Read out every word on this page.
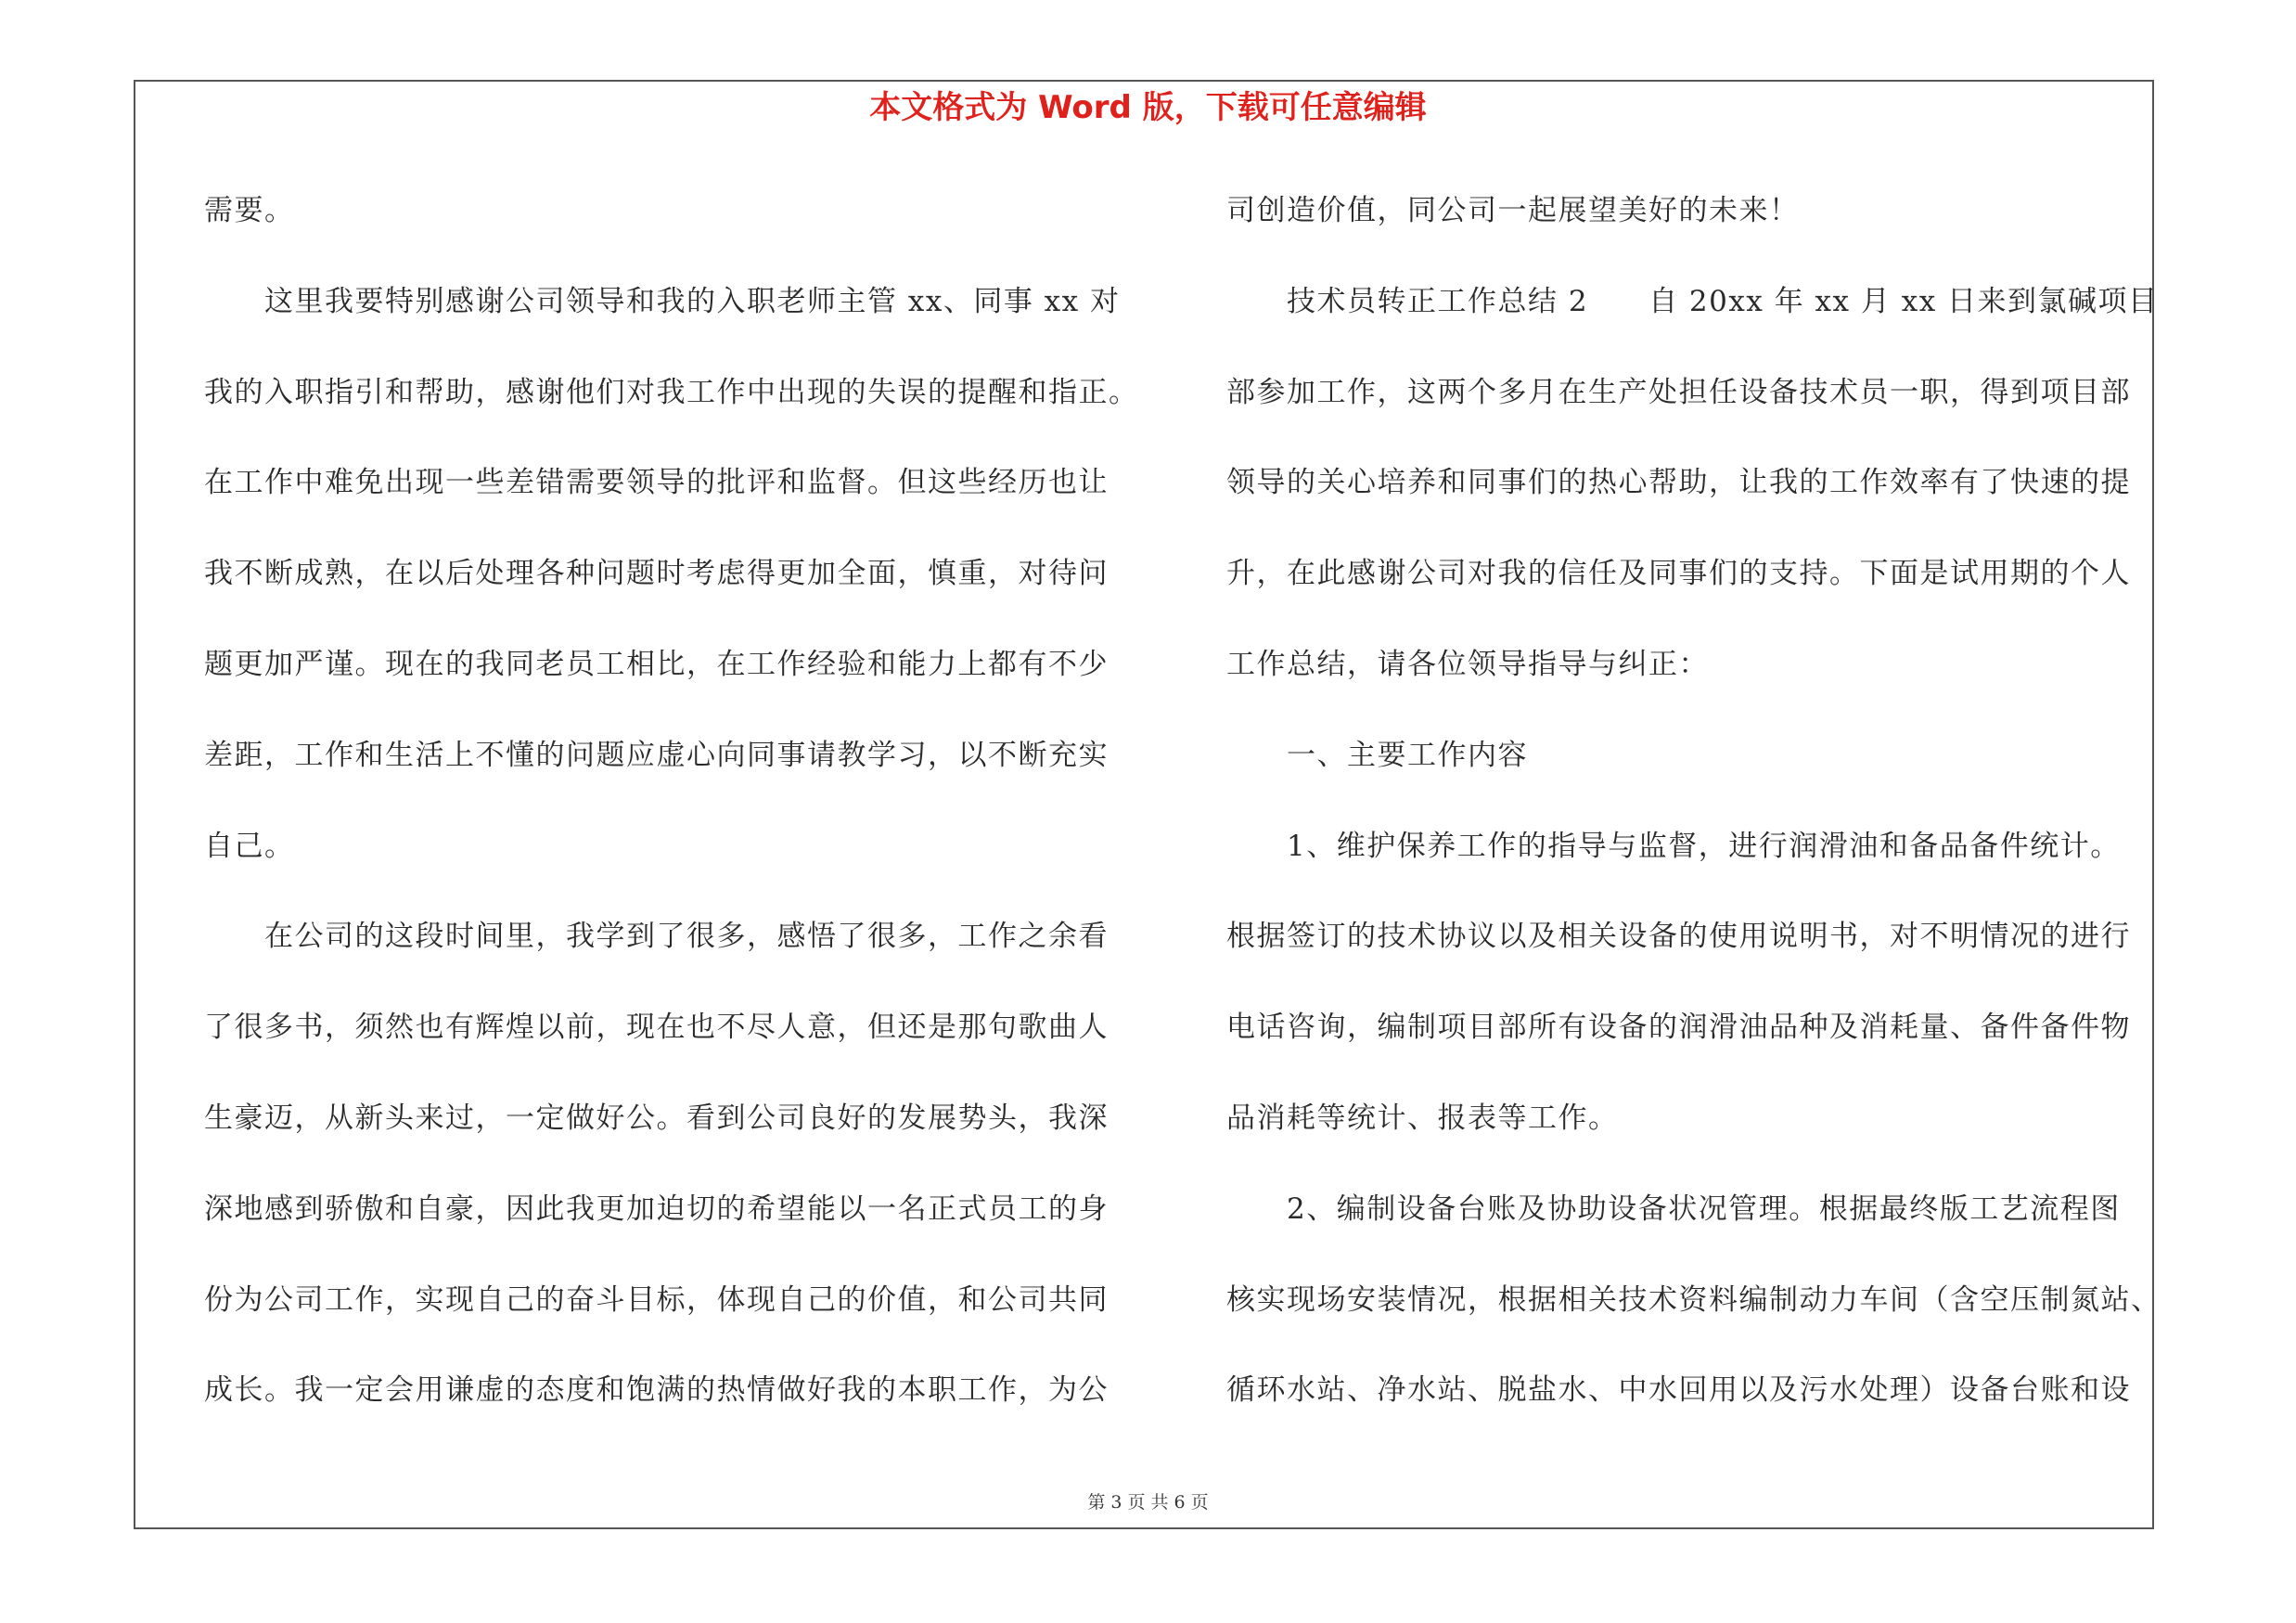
本文格式为 Word 版，下载可任意编辑
需要。
　　这里我要特别感谢公司领导和我的入职老师主管 xx、同事 xx 对
我的入职指引和帮助，感谢他们对我工作中出现的失误的提醒和指正。
在工作中难免出现一些差错需要领导的批评和监督。但这些经历也让
我不断成熟，在以后处理各种问题时考虑得更加全面，慎重，对待问
题更加严谨。现在的我同老员工相比，在工作经验和能力上都有不少
差距，工作和生活上不懂的问题应虚心向同事请教学习，以不断充实
自己。
　　在公司的这段时间里，我学到了很多，感悟了很多，工作之余看
了很多书，须然也有辉煌以前，现在也不尽人意，但还是那句歌曲人
生豪迈，从新头来过，一定做好公。看到公司良好的发展势头，我深
深地感到骄傲和自豪，因此我更加迫切的希望能以一名正式员工的身
份为公司工作，实现自己的奋斗目标，体现自己的价值，和公司共同
成长。我一定会用谦虚的态度和饱满的热情做好我的本职工作，为公
司创造价值，同公司一起展望美好的未来！
　　技术员转正工作总结 2　　自 20xx 年 xx 月 xx 日来到氯碱项目
部参加工作，这两个多月在生产处担任设备技术员一职，得到项目部
领导的关心培养和同事们的热心帮助，让我的工作效率有了快速的提
升，在此感谢公司对我的信任及同事们的支持。下面是试用期的个人
工作总结，请各位领导指导与纠正：
　　一、主要工作内容
　　1、维护保养工作的指导与监督，进行润滑油和备品备件统计。
根据签订的技术协议以及相关设备的使用说明书，对不明情况的进行
电话咨询，编制项目部所有设备的润滑油品种及消耗量、备件备件物
品消耗等统计、报表等工作。
　　2、编制设备台账及协助设备状况管理。根据最终版工艺流程图
核实现场安装情况，根据相关技术资料编制动力车间（含空压制氮站、
循环水站、净水站、脱盐水、中水回用以及污水处理）设备台账和设
第 3 页 共 6 页
